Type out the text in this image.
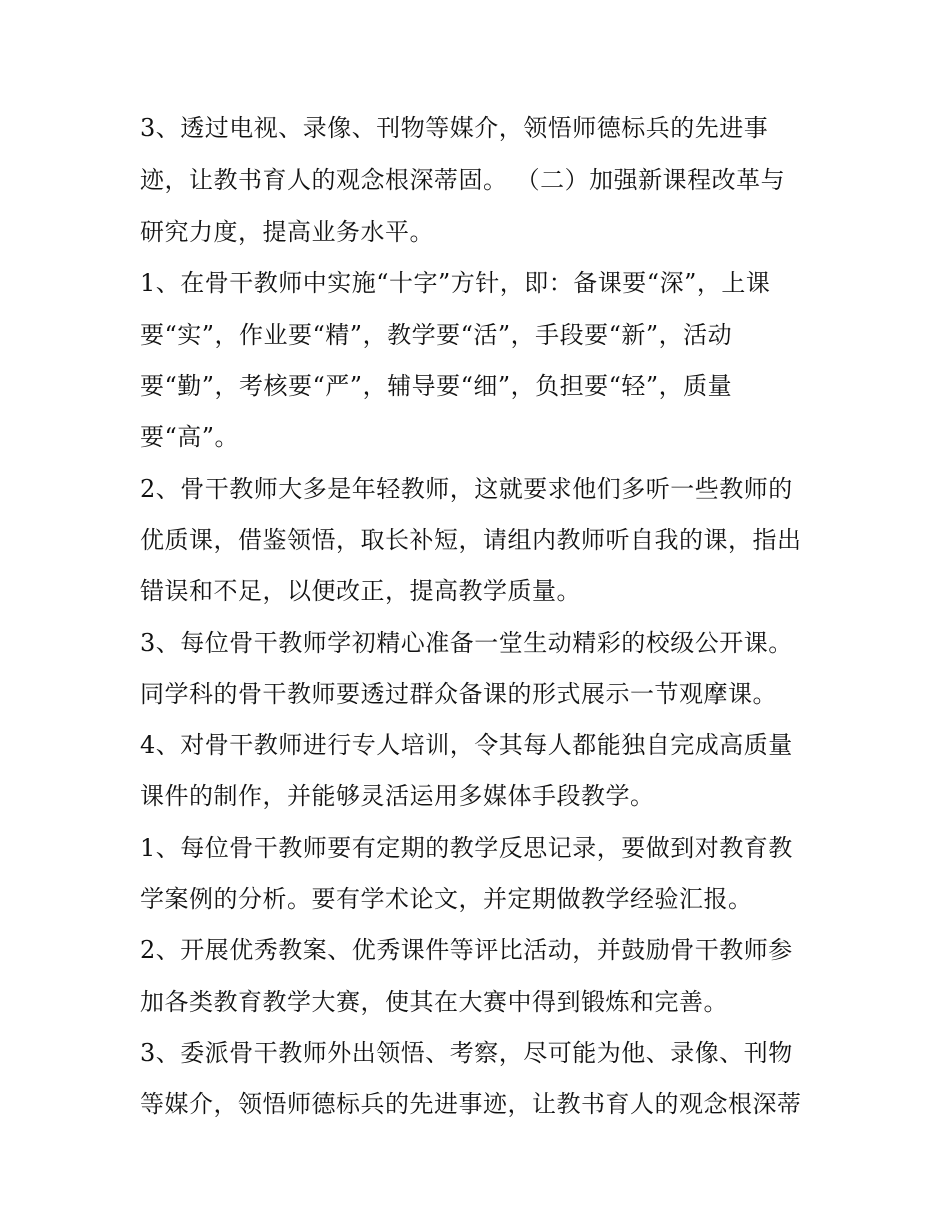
3、透过电视、录像、刊物等媒介，领悟师德标兵的先进事
迹，让教书育人的观念根深蒂固。 （二）加强新课程改革与
研究力度，提高业务水平。
1、在骨干教师中实施“十字”方针，即：备课要“深”，上课
要“实”，作业要“精”，教学要“活”，手段要“新”，活动
要“勤”，考核要“严”，辅导要“细”，负担要“轻”，质量
要“高”。
2、骨干教师大多是年轻教师，这就要求他们多听一些教师的
优质课，借鉴领悟，取长补短，请组内教师听自我的课，指出
错误和不足，以便改正，提高教学质量。
3、每位骨干教师学初精心准备一堂生动精彩的校级公开课。
同学科的骨干教师要透过群众备课的形式展示一节观摩课。
4、对骨干教师进行专人培训，令其每人都能独自完成高质量
课件的制作，并能够灵活运用多媒体手段教学。
1、每位骨干教师要有定期的教学反思记录，要做到对教育教
学案例的分析。要有学术论文，并定期做教学经验汇报。
2、开展优秀教案、优秀课件等评比活动，并鼓励骨干教师参
加各类教育教学大赛，使其在大赛中得到锻炼和完善。
3、委派骨干教师外出领悟、考察，尽可能为他、录像、刊物
等媒介，领悟师德标兵的先进事迹，让教书育人的观念根深蒂
